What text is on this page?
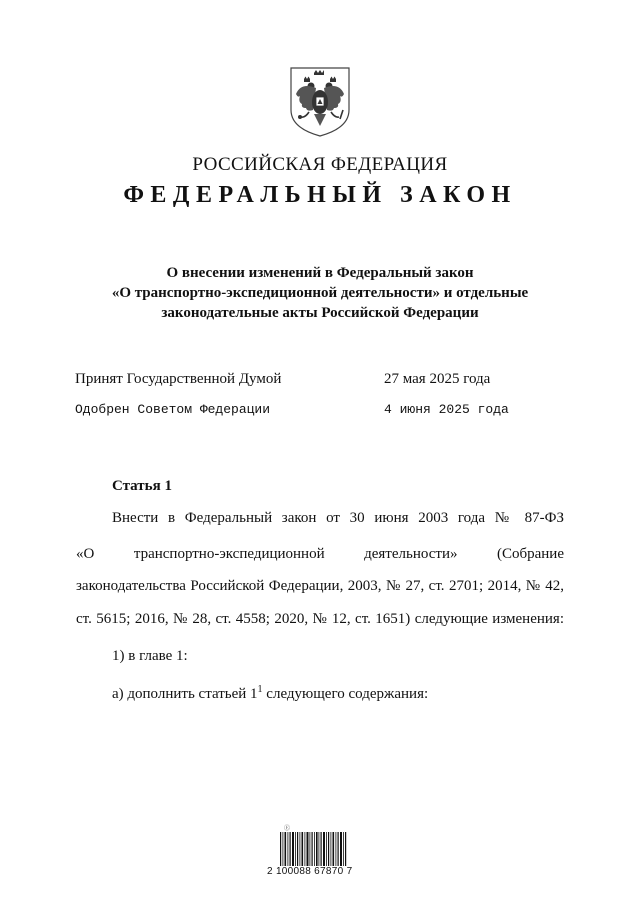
РОССИЙСКАЯ ФЕДЕРАЦИЯ
ФЕДЕРАЛЬНЫЙ ЗАКОН
О внесении изменений в Федеральный закон
«О транспортно-экспедиционной деятельности» и отдельные
законодательные акты Российской Федерации
Принят Государственной Думой	27 мая 2025 года
Одобрен Советом Федерации	4 июня 2025 года
Статья 1
Внести в Федеральный закон от 30 июня 2003 года № 87-ФЗ
«О транспортно-экспедиционной деятельности» (Собрание
законодательства Российской Федерации, 2003, № 27, ст. 2701; 2014, № 42,
ст. 5615; 2016, № 28, ст. 4558; 2020, № 12, ст. 1651) следующие изменения:
1) в главе 1:
а) дополнить статьей $1^1$ следующего содержания:
Ⓔ
2 100088 67870 7
